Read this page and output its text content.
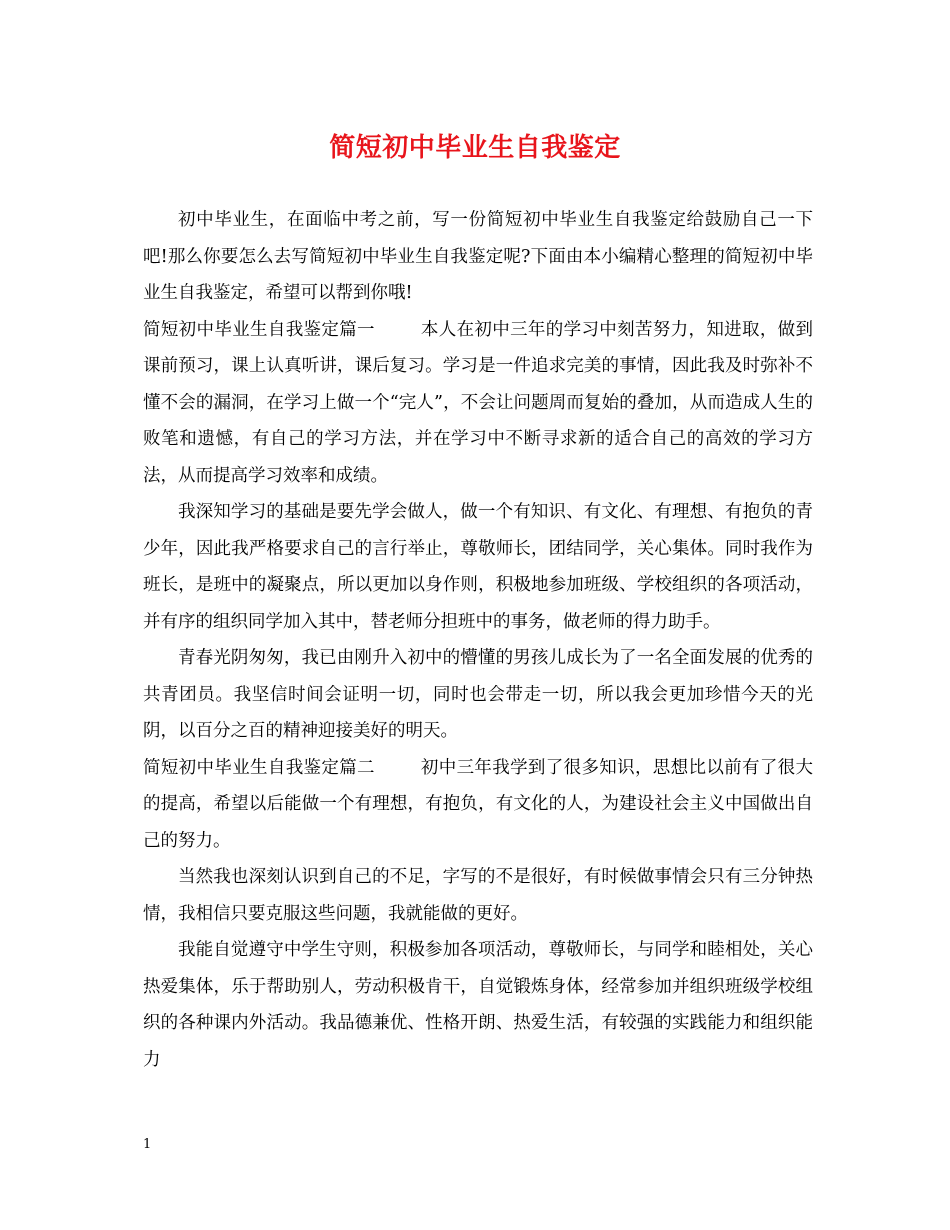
简短初中毕业生自我鉴定

初中毕业生，在面临中考之前，写一份简短初中毕业生自我鉴定给鼓励自己一下吧!那么你要怎么去写简短初中毕业生自我鉴定呢?下面由本小编精心整理的简短初中毕业生自我鉴定，希望可以帮到你哦!

简短初中毕业生自我鉴定篇一	本人在初中三年的学习中刻苦努力，知进取，做到课前预习，课上认真听讲，课后复习。学习是一件追求完美的事情，因此我及时弥补不懂不会的漏洞，在学习上做一个“完人”，不会让问题周而复始的叠加，从而造成人生的败笔和遗憾，有自己的学习方法，并在学习中不断寻求新的适合自己的高效的学习方法，从而提高学习效率和成绩。

我深知学习的基础是要先学会做人，做一个有知识、有文化、有理想、有抱负的青少年，因此我严格要求自己的言行举止，尊敬师长，团结同学，关心集体。同时我作为班长，是班中的凝聚点，所以更加以身作则，积极地参加班级、学校组织的各项活动，并有序的组织同学加入其中，替老师分担班中的事务，做老师的得力助手。

青春光阴匆匆，我已由刚升入初中的懵懂的男孩儿成长为了一名全面发展的优秀的共青团员。我坚信时间会证明一切，同时也会带走一切，所以我会更加珍惜今天的光阴，以百分之百的精神迎接美好的明天。

简短初中毕业生自我鉴定篇二	初中三年我学到了很多知识，思想比以前有了很大的提高，希望以后能做一个有理想，有抱负，有文化的人，为建设社会主义中国做出自己的努力。

当然我也深刻认识到自己的不足，字写的不是很好，有时候做事情会只有三分钟热情，我相信只要克服这些问题，我就能做的更好。

我能自觉遵守中学生守则，积极参加各项活动，尊敬师长，与同学和睦相处，关心热爱集体，乐于帮助别人，劳动积极肯干，自觉锻炼身体，经常参加并组织班级学校组织的各种课内外活动。我品德兼优、性格开朗、热爱生活，有较强的实践能力和组织能力

1
